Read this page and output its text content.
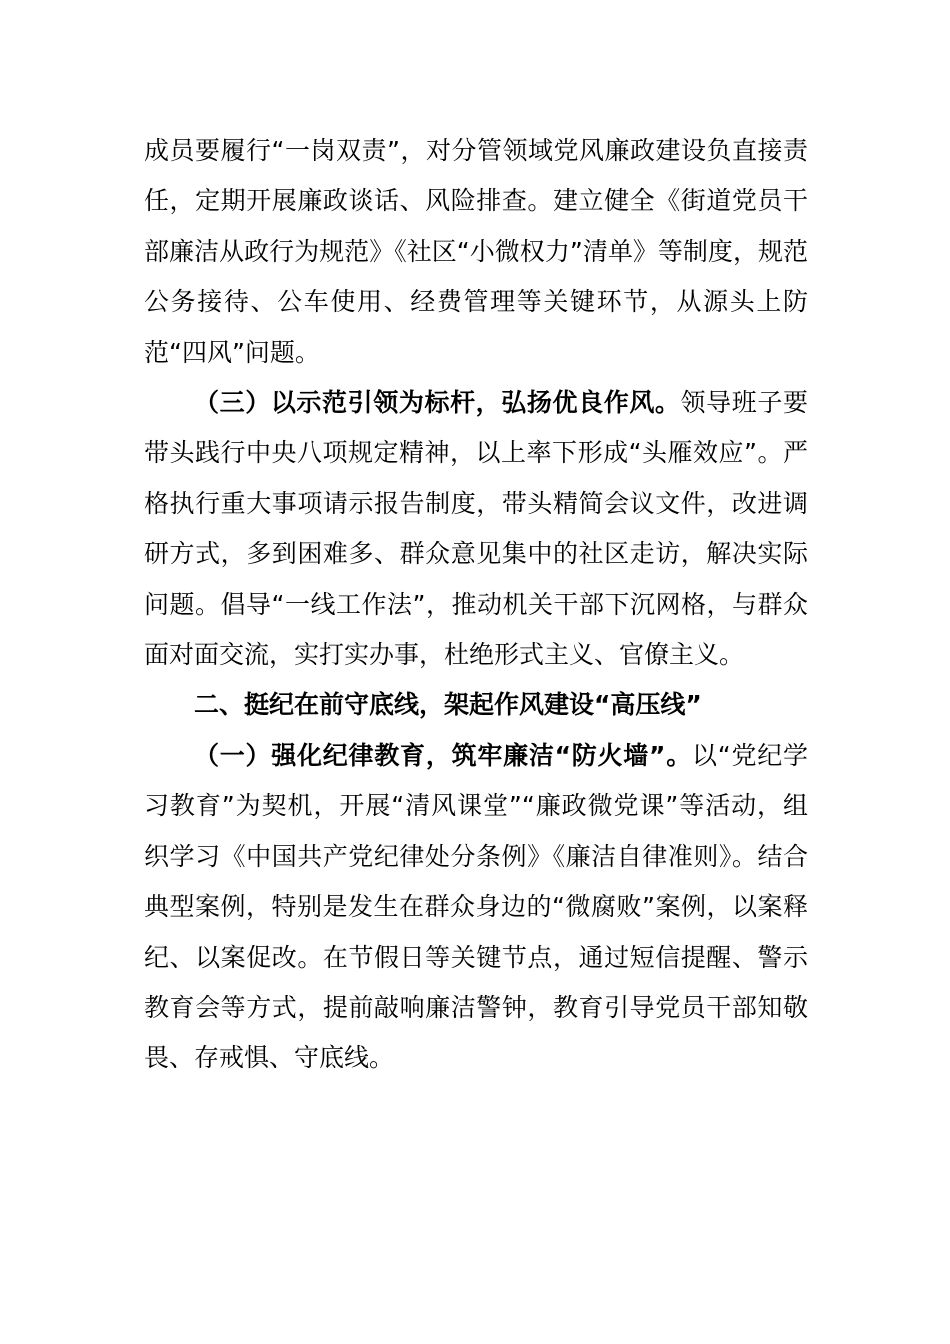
成员要履行“一岗双责”，对分管领域党风廉政建设负直接责任，定期开展廉政谈话、风险排查。建立健全《街道党员干部廉洁从政行为规范》《社区“小微权力”清单》等制度，规范公务接待、公车使用、经费管理等关键环节，从源头上防范“四风”问题。

（三）以示范引领为标杆，弘扬优良作风。领导班子要带头践行中央八项规定精神，以上率下形成“头雁效应”。严格执行重大事项请示报告制度，带头精简会议文件，改进调研方式，多到困难多、群众意见集中的社区走访，解决实际问题。倡导“一线工作法”，推动机关干部下沉网格，与群众面对面交流，实打实办事，杜绝形式主义、官僚主义。

二、挺纪在前守底线，架起作风建设“高压线”

（一）强化纪律教育，筑牢廉洁“防火墙”。以“党纪学习教育”为契机，开展“清风课堂”“廉政微党课”等活动，组织学习《中国共产党纪律处分条例》《廉洁自律准则》。结合典型案例，特别是发生在群众身边的“微腐败”案例，以案释纪、以案促改。在节假日等关键节点，通过短信提醒、警示教育会等方式，提前敲响廉洁警钟，教育引导党员干部知敬畏、存戒惧、守底线。
